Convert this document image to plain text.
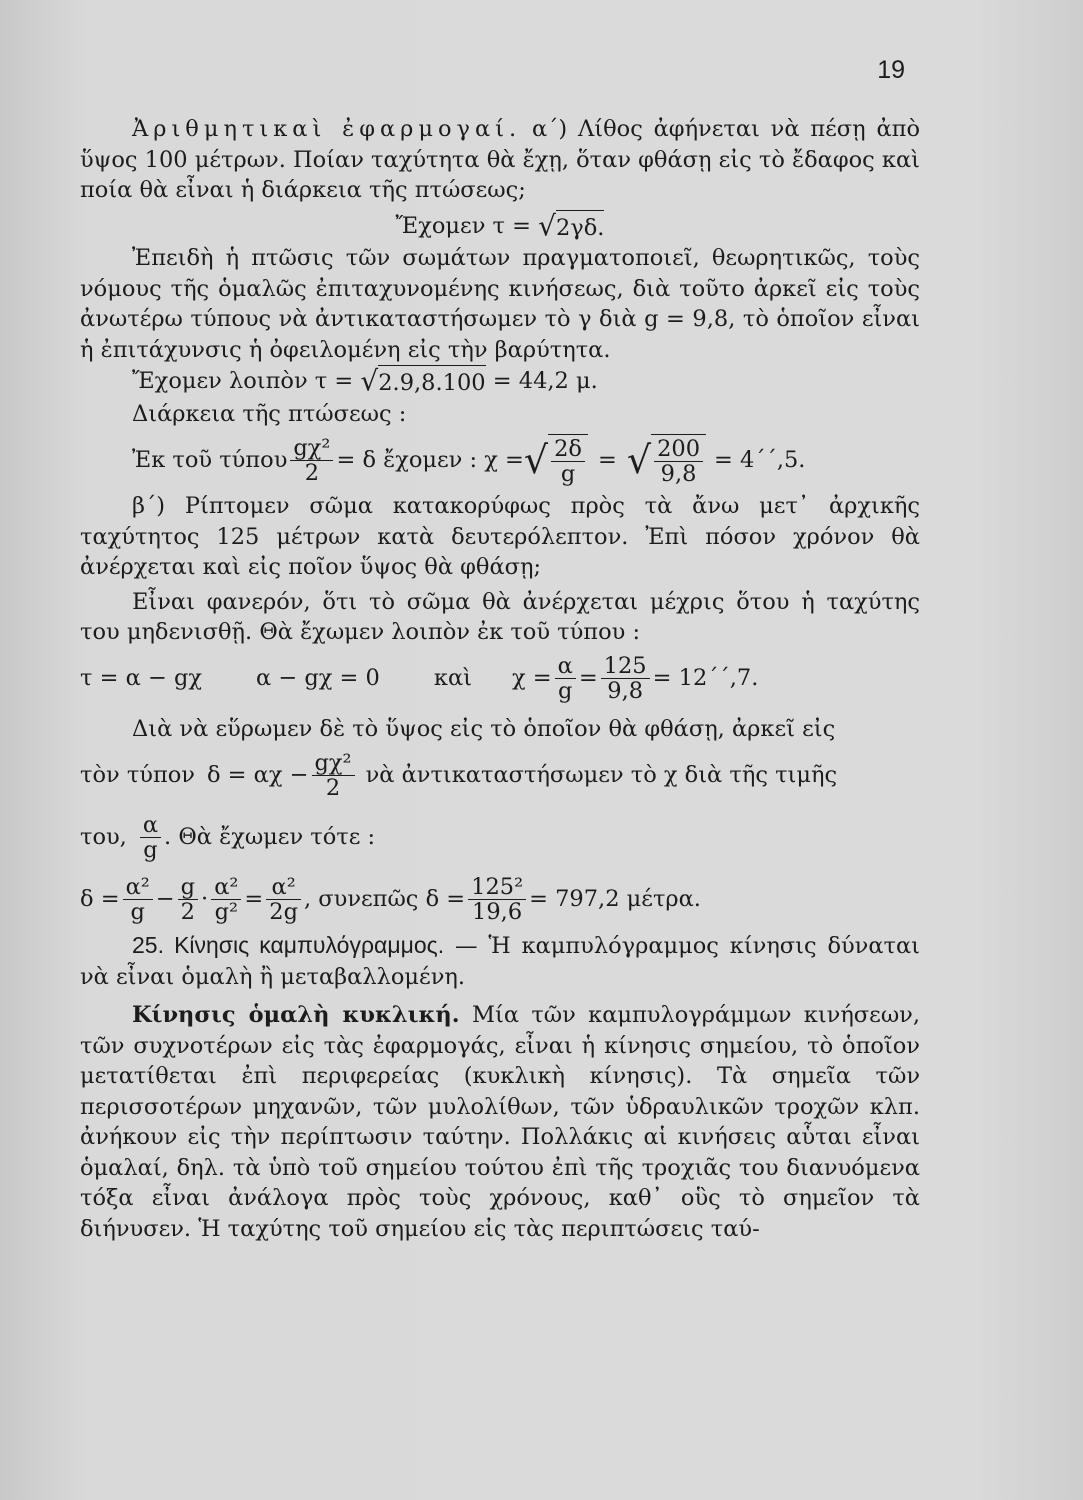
19

Ἀριθμητικαὶ ἐφαρμογαί. α΄) Λίθος ἀφήνεται νὰ πέσῃ ἀπὸ ὕψος 100 μέτρων. Ποίαν ταχύτητα θὰ ἔχῃ, ὅταν φθάσῃ εἰς τὸ ἔδαφος καὶ ποία θὰ εἶναι ἡ διάρκεια τῆς πτώσεως;

Ἔχομεν τ = √2γδ.

Ἐπειδὴ ἡ πτῶσις τῶν σωμάτων πραγματοποιεῖ, θεωρητικῶς, τοὺς νόμους τῆς ὁμαλῶς ἐπιταχυνομένης κινήσεως, διὰ τοῦτο ἀρκεῖ εἰς τοὺς ἀνωτέρω τύπους νὰ ἀντικαταστήσωμεν τὸ γ διὰ g = 9,8, τὸ ὁποῖον εἶναι ἡ ἐπιτάχυνσις ἡ ὀφειλομένη εἰς τὴν βαρύτητα.

Ἔχομεν λοιπὸν τ = √2.9,8.100 = 44,2 μ.
Διάρκεια τῆς πτώσεως :
Ἐκ τοῦ τύπου $\frac{\text{gχ²}}{2} = \delta$ ἔχομεν : χ = √ $\frac{2\delta}{g}$ = √ $\frac{200}{9,8} = 4΄΄,5$.

β΄) Ρίπτομεν σῶμα κατακορύφως πρὸς τὰ ἄνω μετ᾽ ἀρχικῆς ταχύτητος 125 μέτρων κατὰ δευτερόλεπτον. Ἐπὶ πόσον χρόνον θὰ ἀνέρχεται καὶ εἰς ποῖον ὕψος θὰ φθάσῃ;

Εἶναι φανερόν, ὅτι τὸ σῶμα θὰ ἀνέρχεται μέχρις ὅτου ἡ ταχύτης του μηδενισθῇ. Θὰ ἔχωμεν λοιπὸν ἐκ τοῦ τύπου :

τ = α − gχ α − gχ = 0 καὶ $\chi = \frac{\alpha}{g} = \frac{125}{9,8} = 12΄΄,7$.

Διὰ νὰ εὕρωμεν δὲ τὸ ὕψος εἰς τὸ ὁποῖον θὰ φθάσῃ, ἀρκεῖ εἰς

τὸν τύπον $\delta = \alpha\chi - \frac{\text{gχ²}}{2}$ νὰ ἀντικαταστήσωμεν τὸ χ διὰ τῆς τιμῆς
του, $\frac{\alpha}{g}$ . Θὰ ἔχωμεν τότε :
$\delta = \frac{\text{α²}}{g} - \frac{g}{2} \cdot \frac{\text{α²}}{\text{g²}} = \frac{\text{α²}}{2g}$ , συνεπῶς $\delta = \frac{\text{125²}}{19,6} = 797,2$ μέτρα.

25. Κίνησις καμπυλόγραμμος. — Ἡ καμπυλόγραμμος κίνησις δύναται νὰ εἶναι ὁμαλὴ ἢ μεταβαλλομένη.

Κίνησις ὁμαλὴ κυκλική. Μία τῶν καμπυλογράμμων κινήσεων, τῶν συχνοτέρων εἰς τὰς ἐφαρμογάς, εἶναι ἡ κίνησις σημείου, τὸ ὁποῖον μετατίθεται ἐπὶ περιφερείας (κυκλικὴ κίνησις). Τὰ σημεῖα τῶν περισσοτέρων μηχανῶν, τῶν μυλολίθων, τῶν ὑδραυλικῶν τροχῶν κλπ. ἀνήκουν εἰς τὴν περίπτωσιν ταύτην. Πολλάκις αἱ κινήσεις αὗται εἶναι ὁμαλαί, δηλ. τὰ ὑπὸ τοῦ σημείου τούτου ἐπὶ τῆς τροχιᾶς του διανυόμενα τόξα εἶναι ἀνάλογα πρὸς τοὺς χρόνους, καθ᾽ οὓς τὸ σημεῖον τὰ διήνυσεν. Ἡ ταχύτης τοῦ σημείου εἰς τὰς περιπτώσεις ταύ-
